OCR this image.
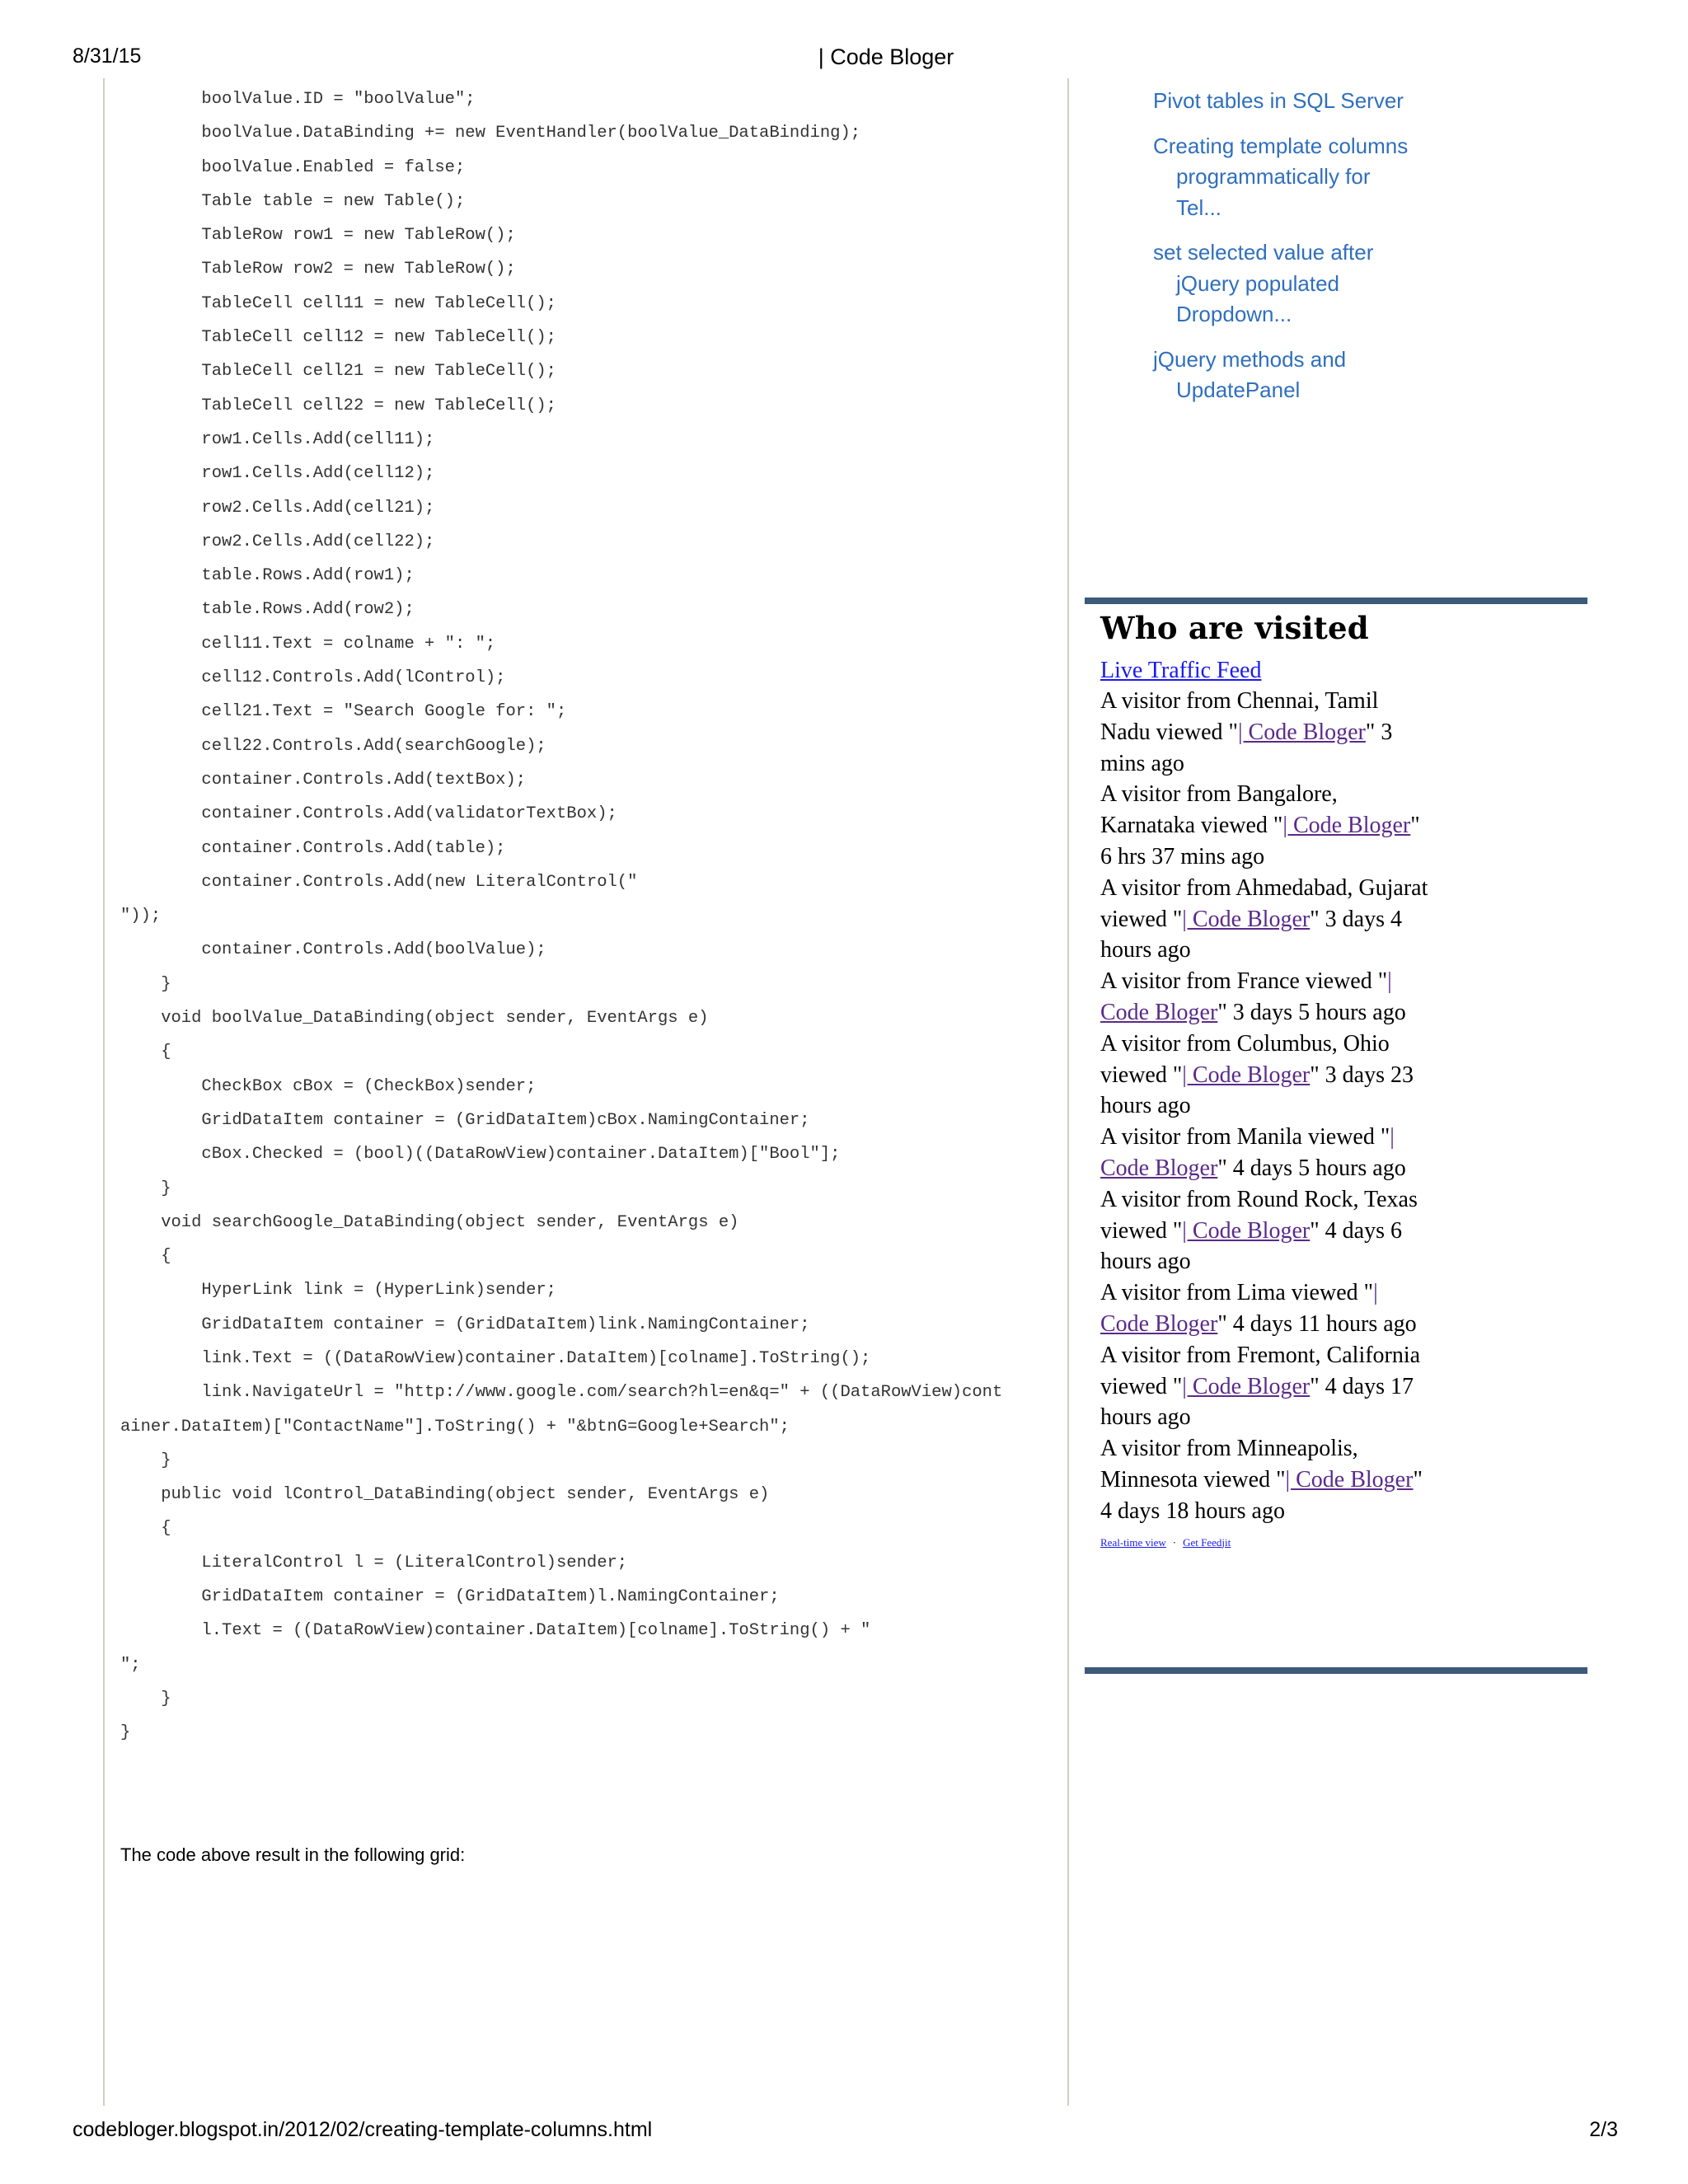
8/31/15	| Code Bloger
boolValue.ID = "boolValue";
boolValue.DataBinding += new EventHandler(boolValue_DataBinding);
boolValue.Enabled = false;
Table table = new Table();
TableRow row1 = new TableRow();
TableRow row2 = new TableRow();
TableCell cell11 = new TableCell();
TableCell cell12 = new TableCell();
TableCell cell21 = new TableCell();
TableCell cell22 = new TableCell();
row1.Cells.Add(cell11);
row1.Cells.Add(cell12);
row2.Cells.Add(cell21);
row2.Cells.Add(cell22);
table.Rows.Add(row1);
table.Rows.Add(row2);
cell11.Text = colname + ": ";
cell12.Controls.Add(lControl);
cell21.Text = "Search Google for: ";
cell22.Controls.Add(searchGoogle);
container.Controls.Add(textBox);
container.Controls.Add(validatorTextBox);
container.Controls.Add(table);
container.Controls.Add(new LiteralControl("
"));
container.Controls.Add(boolValue);
}
void boolValue_DataBinding(object sender, EventArgs e)
{
CheckBox cBox = (CheckBox)sender;
GridDataItem container = (GridDataItem)cBox.NamingContainer;
cBox.Checked = (bool)((DataRowView)container.DataItem)["Bool"];
}
void searchGoogle_DataBinding(object sender, EventArgs e)
{
HyperLink link = (HyperLink)sender;
GridDataItem container = (GridDataItem)link.NamingContainer;
link.Text = ((DataRowView)container.DataItem)[colname].ToString();
link.NavigateUrl = "http://www.google.com/search?hl=en&q=" + ((DataRowView)cont
ainer.DataItem)["ContactName"].ToString() + "&btnG=Google+Search";
}
public void lControl_DataBinding(object sender, EventArgs e)
{
LiteralControl l = (LiteralControl)sender;
GridDataItem container = (GridDataItem)l.NamingContainer;
l.Text = ((DataRowView)container.DataItem)[colname].ToString() + "
";
}
}
The code above result in the following grid:
Pivot tables in SQL Server
Creating template columns programmatically for Tel...
set selected value after jQuery populated Dropdown...
jQuery methods and UpdatePanel
Who are visited
Live Traffic Feed
A visitor from Chennai, Tamil Nadu viewed "| Code Bloger" 3 mins ago
A visitor from Bangalore, Karnataka viewed "| Code Bloger" 6 hrs 37 mins ago
A visitor from Ahmedabad, Gujarat viewed "| Code Bloger" 3 days 4 hours ago
A visitor from France viewed "| Code Bloger" 3 days 5 hours ago
A visitor from Columbus, Ohio viewed "| Code Bloger" 3 days 23 hours ago
A visitor from Manila viewed "| Code Bloger" 4 days 5 hours ago
A visitor from Round Rock, Texas viewed "| Code Bloger" 4 days 6 hours ago
A visitor from Lima viewed "| Code Bloger" 4 days 11 hours ago
A visitor from Fremont, California viewed "| Code Bloger" 4 days 17 hours ago
A visitor from Minneapolis, Minnesota viewed "| Code Bloger" 4 days 18 hours ago
Real-time view · Get Feedjit
codebloger.blogspot.in/2012/02/creating-template-columns.html	2/3
